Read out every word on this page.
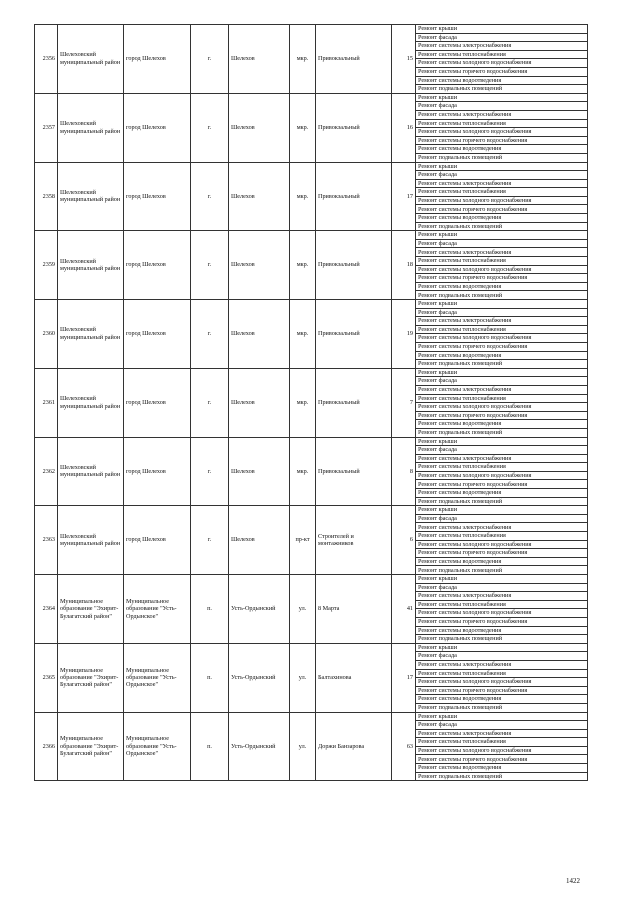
2356	Шелеховский муниципальный район	город Шелехов	г.	Шелехов	мкр.	Привокзальный	15	Ремонт крыши
								Ремонт фасада
								Ремонт системы электроснабжения
								Ремонт системы теплоснабжения
								Ремонт системы холодного водоснабжения
								Ремонт системы горячего водоснабжения
								Ремонт системы водоотведения
								Ремонт подвальных помещений
2357	Шелеховский муниципальный район	город Шелехов	г.	Шелехов	мкр.	Привокзальный	16	Ремонт крыши
								Ремонт фасада
								Ремонт системы электроснабжения
								Ремонт системы теплоснабжения
								Ремонт системы холодного водоснабжения
								Ремонт системы горячего водоснабжения
								Ремонт системы водоотведения
								Ремонт подвальных помещений
2358	Шелеховский муниципальный район	город Шелехов	г.	Шелехов	мкр.	Привокзальный	17	Ремонт крыши
								Ремонт фасада
								Ремонт системы электроснабжения
								Ремонт системы теплоснабжения
								Ремонт системы холодного водоснабжения
								Ремонт системы горячего водоснабжения
								Ремонт системы водоотведения
								Ремонт подвальных помещений
2359	Шелеховский муниципальный район	город Шелехов	г.	Шелехов	мкр.	Привокзальный	18	Ремонт крыши
								Ремонт фасада
								Ремонт системы электроснабжения
								Ремонт системы теплоснабжения
								Ремонт системы холодного водоснабжения
								Ремонт системы горячего водоснабжения
								Ремонт системы водоотведения
								Ремонт подвальных помещений
2360	Шелеховский муниципальный район	город Шелехов	г.	Шелехов	мкр.	Привокзальный	19	Ремонт крыши
								Ремонт фасада
								Ремонт системы электроснабжения
								Ремонт системы теплоснабжения
								Ремонт системы холодного водоснабжения
								Ремонт системы горячего водоснабжения
								Ремонт системы водоотведения
								Ремонт подвальных помещений
2361	Шелеховский муниципальный район	город Шелехов	г.	Шелехов	мкр.	Привокзальный	7	Ремонт крыши
								Ремонт фасада
								Ремонт системы электроснабжения
								Ремонт системы теплоснабжения
								Ремонт системы холодного водоснабжения
								Ремонт системы горячего водоснабжения
								Ремонт системы водоотведения
								Ремонт подвальных помещений
2362	Шелеховский муниципальный район	город Шелехов	г.	Шелехов	мкр.	Привокзальный	8	Ремонт крыши
								Ремонт фасада
								Ремонт системы электроснабжения
								Ремонт системы теплоснабжения
								Ремонт системы холодного водоснабжения
								Ремонт системы горячего водоснабжения
								Ремонт системы водоотведения
								Ремонт подвальных помещений
2363	Шелеховский муниципальный район	город Шелехов	г.	Шелехов	пр-кт	Строителей и монтажников	6	Ремонт крыши
								Ремонт фасада
								Ремонт системы электроснабжения
								Ремонт системы теплоснабжения
								Ремонт системы холодного водоснабжения
								Ремонт системы горячего водоснабжения
								Ремонт системы водоотведения
								Ремонт подвальных помещений
2364	Муниципальное образование "Эхирит-Булагатский район"	Муниципальное образование "Усть-Ордынское"	п.	Усть-Ордынский	ул.	8 Марта	41	Ремонт крыши
								Ремонт фасада
								Ремонт системы электроснабжения
								Ремонт системы теплоснабжения
								Ремонт системы холодного водоснабжения
								Ремонт системы горячего водоснабжения
								Ремонт системы водоотведения
								Ремонт подвальных помещений
2365	Муниципальное образование "Эхирит-Булагатский район"	Муниципальное образование "Усть-Ордынское"	п.	Усть-Ордынский	ул.	Балтахинова	17	Ремонт крыши
								Ремонт фасада
								Ремонт системы электроснабжения
								Ремонт системы теплоснабжения
								Ремонт системы холодного водоснабжения
								Ремонт системы горячего водоснабжения
								Ремонт системы водоотведения
								Ремонт подвальных помещений
2366	Муниципальное образование "Эхирит-Булагатский район"	Муниципальное образование "Усть-Ордынское"	п.	Усть-Ордынский	ул.	Доржи Банзарова	63	Ремонт крыши
								Ремонт фасада
								Ремонт системы электроснабжения
								Ремонт системы теплоснабжения
								Ремонт системы холодного водоснабжения
								Ремонт системы горячего водоснабжения
								Ремонт системы водоотведения
								Ремонт подвальных помещений
1422
